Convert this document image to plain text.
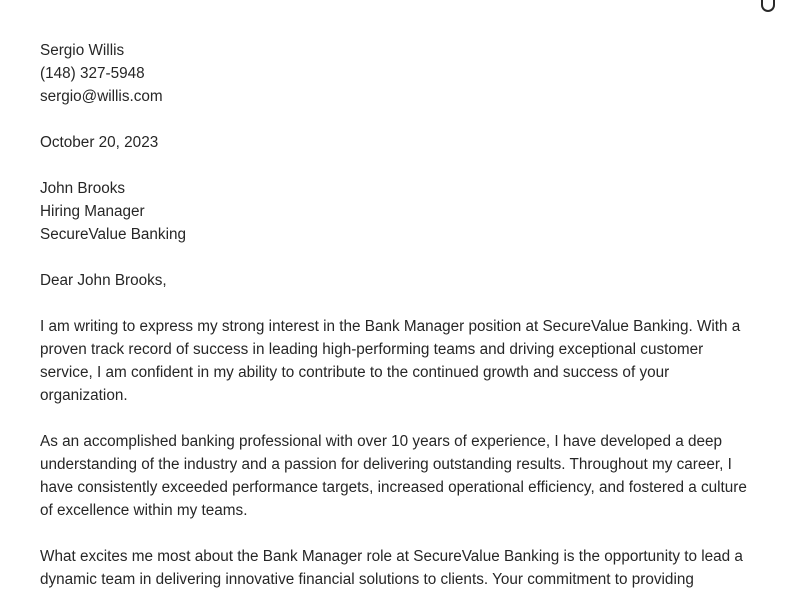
Sergio Willis
(148) 327-5948
sergio@willis.com
October 20, 2023
John Brooks
Hiring Manager
SecureValue Banking
Dear John Brooks,
I am writing to express my strong interest in the Bank Manager position at SecureValue Banking. With a
proven track record of success in leading high-performing teams and driving exceptional customer
service, I am confident in my ability to contribute to the continued growth and success of your
organization.
As an accomplished banking professional with over 10 years of experience, I have developed a deep
understanding of the industry and a passion for delivering outstanding results. Throughout my career, I
have consistently exceeded performance targets, increased operational efficiency, and fostered a culture
of excellence within my teams.
What excites me most about the Bank Manager role at SecureValue Banking is the opportunity to lead a
dynamic team in delivering innovative financial solutions to clients. Your commitment to providing
